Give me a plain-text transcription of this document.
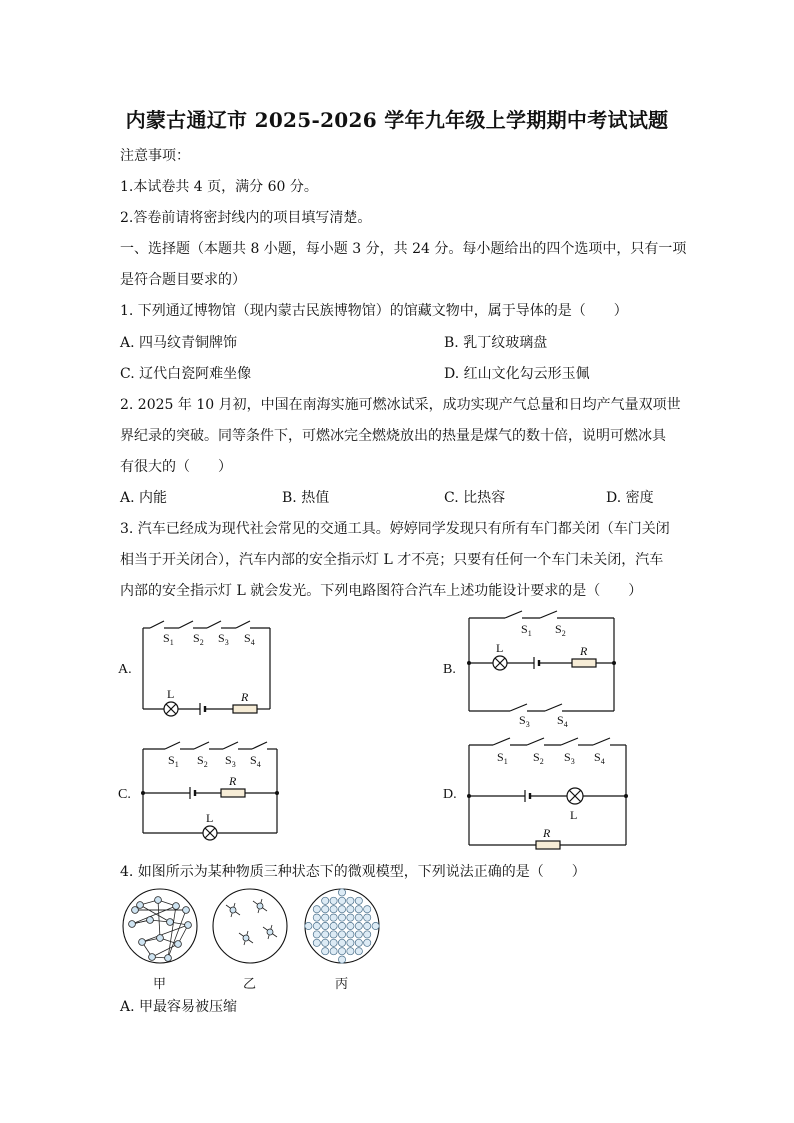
内蒙古通辽市 2025-2026 学年九年级上学期期中考试试题
注意事项：
1.本试卷共 4 页，满分 60 分。
2.答卷前请将密封线内的项目填写清楚。
一、选择题（本题共 8 小题，每小题 3 分，共 24 分。每小题给出的四个选项中，只有一项
是符合题目要求的）
1. 下列通辽博物馆（现内蒙古民族博物馆）的馆藏文物中，属于导体的是（　　）
A. 四马纹青铜牌饰	B. 乳丁纹玻璃盘
C. 辽代白瓷阿难坐像	D. 红山文化勾云形玉佩
2. 2025 年 10 月初，中国在南海实施可燃冰试采，成功实现产气总量和日均产气量双项世
界纪录的突破。同等条件下，可燃冰完全燃烧放出的热量是煤气的数十倍，说明可燃冰具
有很大的（　　）
A. 内能	B. 热值	C. 比热容	D. 密度
3. 汽车已经成为现代社会常见的交通工具。婷婷同学发现只有所有车门都关闭（车门关闭
相当于开关闭合），汽车内部的安全指示灯 L 才不亮；只要有任何一个车门未关闭，汽车
内部的安全指示灯 L 就会发光。下列电路图符合汽车上述功能设计要求的是（　　）
A.	B.
C.	D.
$S_1$ $S_2$ $S_3$ $S_4$
L	R
$S_1$ $S_2$
L	R
$S_3$ $S_4$
$S_1$ $S_2$ $S_3$ $S_4$
R
L
$S_1$ $S_2$ $S_3$ $S_4$
L
R
4. 如图所示为某种物质三种状态下的微观模型，下列说法正确的是（　　）
甲	乙	丙
A. 甲最容易被压缩
